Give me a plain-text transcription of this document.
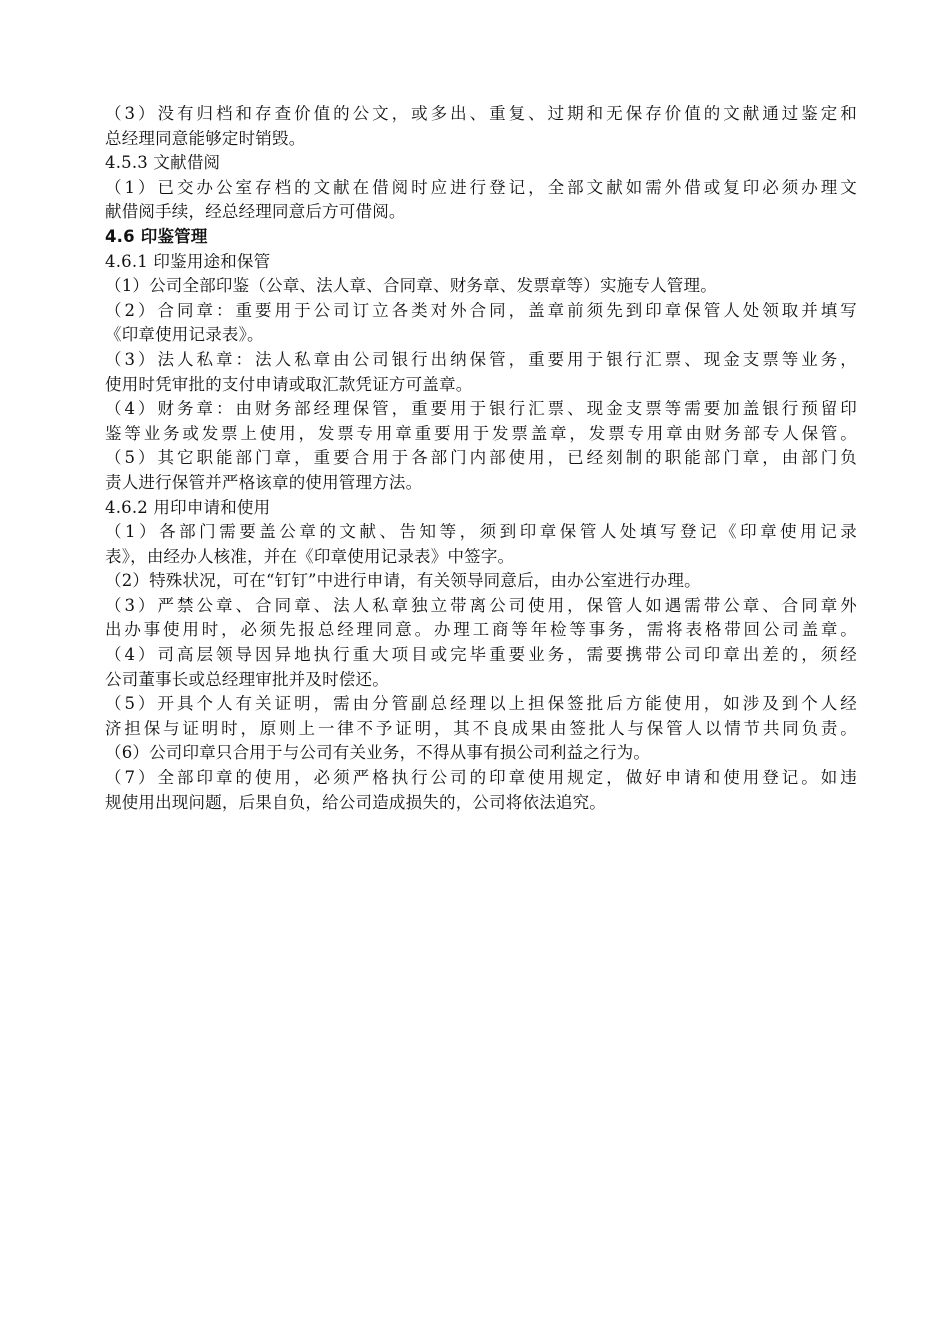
（3）没有归档和存查价值的公文，或多出、重复、过期和无保存价值的文献通过鉴定和
总经理同意能够定时销毁。
4.5.3 文献借阅
（1）已交办公室存档的文献在借阅时应进行登记，全部文献如需外借或复印必须办理文
献借阅手续，经总经理同意后方可借阅。
4.6 印鉴管理
4.6.1 印鉴用途和保管
（1）公司全部印鉴（公章、法人章、合同章、财务章、发票章等）实施专人管理。
（2）合同章：重要用于公司订立各类对外合同，盖章前须先到印章保管人处领取并填写
《印章使用记录表》。
（3）法人私章：法人私章由公司银行出纳保管，重要用于银行汇票、现金支票等业务，
使用时凭审批的支付申请或取汇款凭证方可盖章。
（4）财务章：由财务部经理保管，重要用于银行汇票、现金支票等需要加盖银行预留印
鉴等业务或发票上使用，发票专用章重要用于发票盖章，发票专用章由财务部专人保管。
（5）其它职能部门章，重要合用于各部门内部使用，已经刻制的职能部门章，由部门负
责人进行保管并严格该章的使用管理方法。
4.6.2 用印申请和使用
（1）各部门需要盖公章的文献、告知等，须到印章保管人处填写登记《印章使用记录
表》，由经办人核准，并在《印章使用记录表》中签字。
（2）特殊状况，可在“钉钉”中进行申请，有关领导同意后，由办公室进行办理。
（3）严禁公章、合同章、法人私章独立带离公司使用，保管人如遇需带公章、合同章外
出办事使用时，必须先报总经理同意。办理工商等年检等事务，需将表格带回公司盖章。
（4）司高层领导因异地执行重大项目或完毕重要业务，需要携带公司印章出差的，须经
公司董事长或总经理审批并及时偿还。
（5）开具个人有关证明，需由分管副总经理以上担保签批后方能使用，如涉及到个人经
济担保与证明时，原则上一律不予证明，其不良成果由签批人与保管人以情节共同负责。
（6）公司印章只合用于与公司有关业务，不得从事有损公司利益之行为。
（7）全部印章的使用，必须严格执行公司的印章使用规定，做好申请和使用登记。如违
规使用出现问题，后果自负，给公司造成损失的，公司将依法追究。
